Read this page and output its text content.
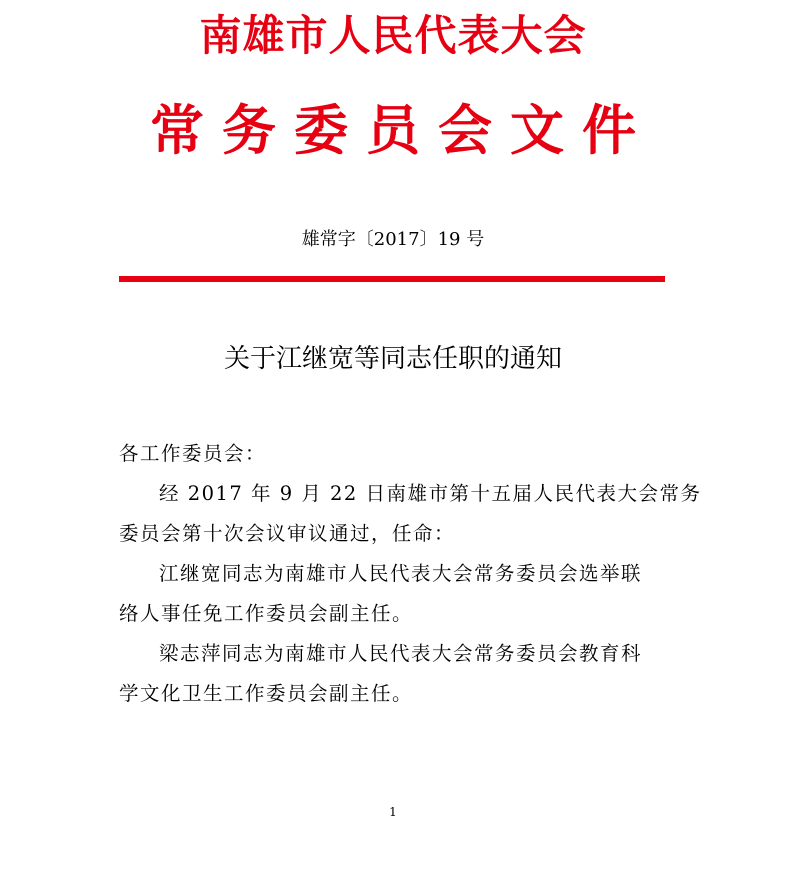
南雄市人民代表大会
常务委员会文件
雄常字〔2017〕19 号
关于江继宽等同志任职的通知
各工作委员会：
经 2017 年 9 月 22 日南雄市第十五届人民代表大会常务
委员会第十次会议审议通过，任命：
江继宽同志为南雄市人民代表大会常务委员会选举联
络人事任免工作委员会副主任。
梁志萍同志为南雄市人民代表大会常务委员会教育科
学文化卫生工作委员会副主任。
1
